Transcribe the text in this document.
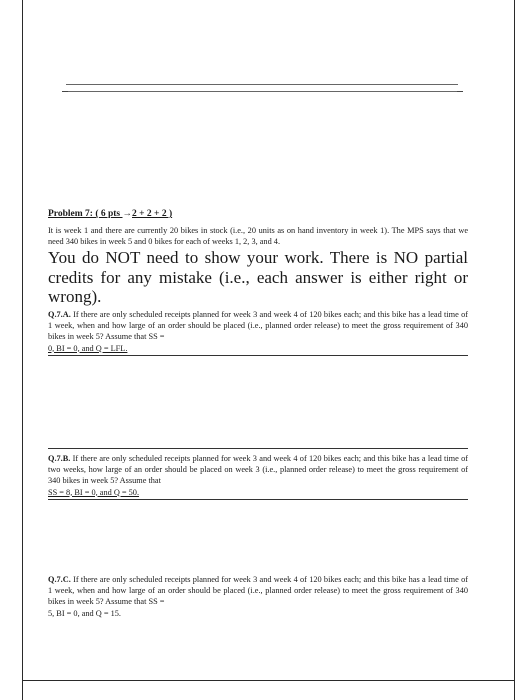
Problem 7: ( 6 pts →2 + 2 + 2 )

It is week 1 and there are currently 20 bikes in stock (i.e., 20 units as on hand inventory in week 1). The MPS says that we need 340 bikes in week 5 and 0 bikes for each of weeks 1, 2, 3, and 4.

You do NOT need to show your work. There is NO partial credits for any mistake (i.e., each answer is either right or wrong).

Q.7.A. If there are only scheduled receipts planned for week 3 and week 4 of 120 bikes each; and this bike has a lead time of 1 week, when and how large of an order should be placed (i.e., planned order release) to meet the gross requirement of 340 bikes in week 5? Assume that SS =
0, BI = 0, and Q = LFL.

Q.7.B. If there are only scheduled receipts planned for week 3 and week 4 of 120 bikes each; and this bike has a lead time of two weeks, how large of an order should be placed on week 3 (i.e., planned order release) to meet the gross requirement of 340 bikes in week 5? Assume that
SS = 8, BI = 0, and Q = 50.

Q.7.C. If there are only scheduled receipts planned for week 3 and week 4 of 120 bikes each; and this bike has a lead time of 1 week, when and how large of an order should be placed (i.e., planned order release) to meet the gross requirement of 340 bikes in week 5? Assume that SS =
5, BI = 0, and Q = 15.
